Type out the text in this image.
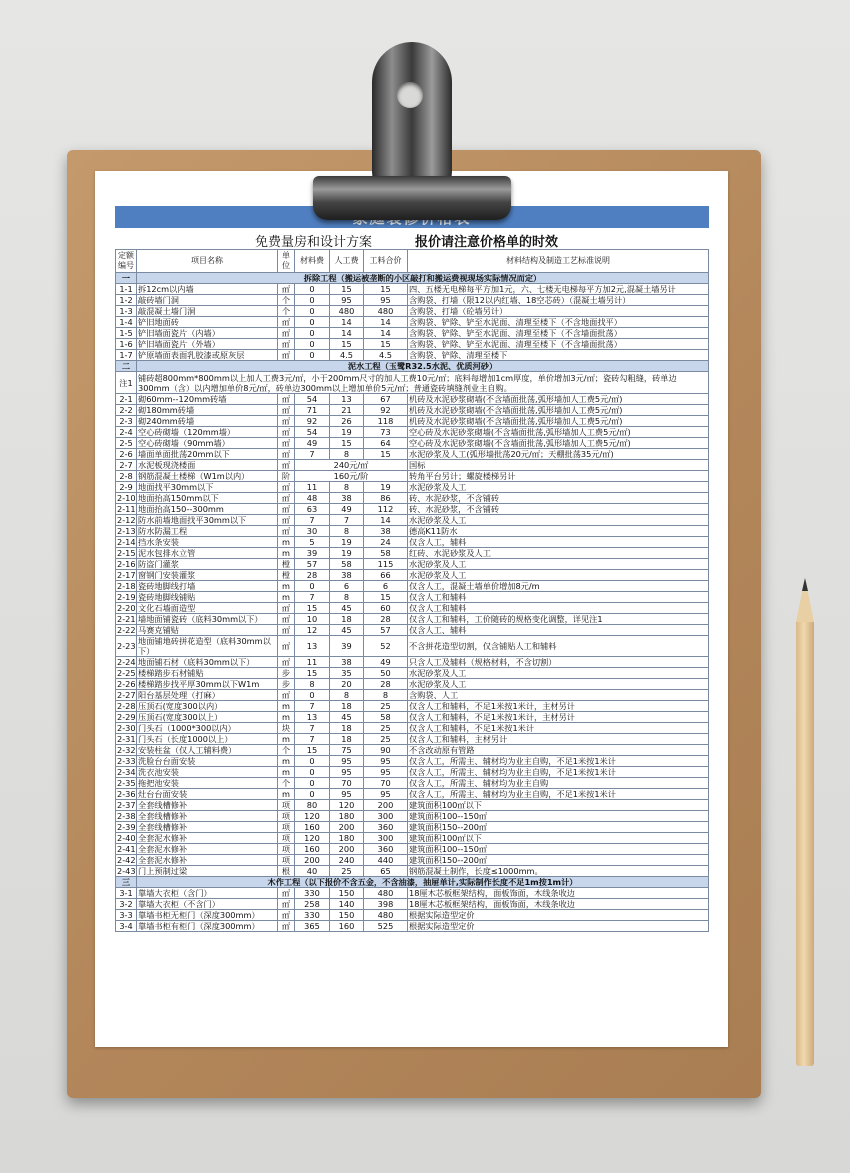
免费量房和设计方案	报价请注意价格单的时效
定额编号	项目名称	单位	材料费	人工费	工料合价	材料结构及制造工艺标准说明
一	拆除工程（搬运被垄断的小区敲打和搬运费视现场实际情况而定）					
1-1	拆12cm以内墙	㎡	0	15	15	四、五楼无电梯每平方加1元，六、七楼无电梯每平方加2元,混凝土墙另计
1-2	敲砖墙门洞	个	0	95	95	含购袋、打墙（限12以内红墙、18空芯砖）（混凝土墙另计）
1-3	敲混凝土墙门洞	个	0	480	480	含购袋、打墙（砼墙另计）
1-4	铲旧地面砖	㎡	0	14	14	含购袋、铲除、铲至水泥面、清理至楼下（不含地面找平）
1-5	铲旧墙面瓷片（内墙）	㎡	0	14	14	含购袋、铲除、铲至水泥面、清理至楼下（不含墙面批荡）
1-6	铲旧墙面瓷片（外墙）	㎡	0	15	15	含购袋、铲除、铲至水泥面、清理至楼下（不含墙面批荡）
1-7	铲原墙面表面乳胶漆或原灰层	㎡	0	4.5	4.5	含购袋、铲除、清理至楼下
二	泥水工程（玉鹭R32.5水泥、优质河砂）					
注1	铺砖超800mm*800mm以上加人工费3元/㎡，小于200mm尺寸的加人工费10元/㎡；底料每增加1cm厚度，单价增加3元/㎡；瓷砖勾粗缝，砖单边300mm（含）以内增加单价8元/㎡，砖单边300mm以上增加单价5元/㎡；普通瓷砖填缝剂业主自购。					
2-1	砌60mm--120mm砖墙	㎡	54	13	67	机砖及水泥砂浆砌墙(不含墙面批荡,弧形墙加人工费5元/㎡)
2-2	砌180mm砖墙	㎡	71	21	92	机砖及水泥砂浆砌墙(不含墙面批荡,弧形墙加人工费5元/㎡)
2-3	砌240mm砖墙	㎡	92	26	118	机砖及水泥砂浆砌墙(不含墙面批荡,弧形墙加人工费5元/㎡)
2-4	空心砖砌墙（120mm墙）	㎡	54	19	73	空心砖及水泥砂浆砌墙(不含墙面批荡,弧形墙加人工费5元/㎡)
2-5	空心砖砌墙（90mm墙）	㎡	49	15	64	空心砖及水泥砂浆砌墙(不含墙面批荡,弧形墙加人工费5元/㎡)
2-6	墙面单面批荡20mm以下	㎡	7	8	15	水泥砂浆及人工(弧形墙批荡20元/㎡；天棚批荡35元/㎡)
2-7	水泥板现浇楼面	㎡	240元/㎡			国标
2-8	钢筋混凝土楼梯（W1m以内）	阶	160元/阶			转角平台另计；螺旋楼梯另计
2-9	地面找平30mm以下	㎡	11	8	19	水泥砂浆及人工
2-10	地面抬高150mm以下	㎡	48	38	86	砖、水泥砂浆，不含铺砖
2-11	地面抬高150--300mm	㎡	63	49	112	砖、水泥砂浆，不含铺砖
2-12	防水前墙地面找平30mm以下	㎡	7	7	14	水泥砂浆及人工
2-13	防水防漏工程	㎡	30	8	38	德高K11防水
2-14	挡水条安装	m	5	19	24	仅含人工，辅料
2-15	泥水包排水立管	m	39	19	58	红砖、水泥砂浆及人工
2-16	防盗门灌浆	樘	57	58	115	水泥砂浆及人工
2-17	窗钢门安装灌浆	樘	28	38	66	水泥砂浆及人工
2-18	瓷砖地脚线打墙	m	0	6	6	仅含人工，混凝土墙单价增加8元/m
2-19	瓷砖地脚线铺贴	m	7	8	15	仅含人工和辅料
2-20	文化石墙面造型	㎡	15	45	60	仅含人工和辅料
2-21	墙地面铺瓷砖（底料30mm以下）	㎡	10	18	28	仅含人工和辅料，工价随砖的规格变化调整，详见注1
2-22	马赛克铺贴	㎡	12	45	57	仅含人工、辅料
2-23	地面铺地砖拼花造型（底料30mm以下）	㎡	13	39	52	不含拼花造型切割，仅含铺贴人工和辅料
2-24	地面铺石材（底料30mm以下）	㎡	11	38	49	只含人工及辅料（规格材料，不含切割）
2-25	楼梯踏步石材铺贴	步	15	35	50	水泥砂浆及人工
2-26	楼梯踏步找平厚30mm以下W1m	步	8	20	28	水泥砂浆及人工
2-27	阳台基层处理（打麻）	㎡	0	8	8	含购袋、人工
2-28	压顶石(宽度300以内）	m	7	18	25	仅含人工和辅料，不足1米按1米计，主材另计
2-29	压顶石(宽度300以上）	m	13	45	58	仅含人工和辅料，不足1米按1米计，主材另计
2-30	门头石（1000*300以内）	块	7	18	25	仅含人工和辅料，不足1米按1米计
2-31	门头石（长度1000以上）	m	7	18	25	仅含人工和辅料，主材另计
2-32	安装柱盆（仅人工辅料费）	个	15	75	90	不含改动原有管路
2-33	洗脸台台面安装	m	0	95	95	仅含人工，所需主、辅材均为业主自购，不足1米按1米计
2-34	洗衣池安装	m	0	95	95	仅含人工，所需主、辅材均为业主自购，不足1米按1米计
2-35	拖把池安装	个	0	70	70	仅含人工，所需主、辅材均为业主自购
2-36	灶台台面安装	m	0	95	95	仅含人工，所需主、辅材均为业主自购，不足1米按1米计
2-37	全套线槽修补	项	80	120	200	建筑面积100㎡以下
2-38	全套线槽修补	项	120	180	300	建筑面积100--150㎡
2-39	全套线槽修补	项	160	200	360	建筑面积150--200㎡
2-40	全套泥水修补	项	120	180	300	建筑面积100㎡以下
2-41	全套泥水修补	项	160	200	360	建筑面积100--150㎡
2-42	全套泥水修补	项	200	240	440	建筑面积150--200㎡
2-43	门上预制过梁	根	40	25	65	钢筋混凝土制作，长度≤1000mm。
三	木作工程（以下报价不含五金，不含油漆，抽屉单计,实际制作长度不足1m按1m计）					
3-1	靠墙大衣柜（含门）	㎡	330	150	480	18厘木芯板框架结构，面板饰面，木线条收边
3-2	靠墙大衣柜（不含门）	㎡	258	140	398	18厘木芯板框架结构，面板饰面，木线条收边
3-3	靠墙书柜无柜门（深度300mm）	㎡	330	150	480	根据实际造型定价
3-4	靠墙书柜有柜门（深度300mm）	㎡	365	160	525	根据实际造型定价
